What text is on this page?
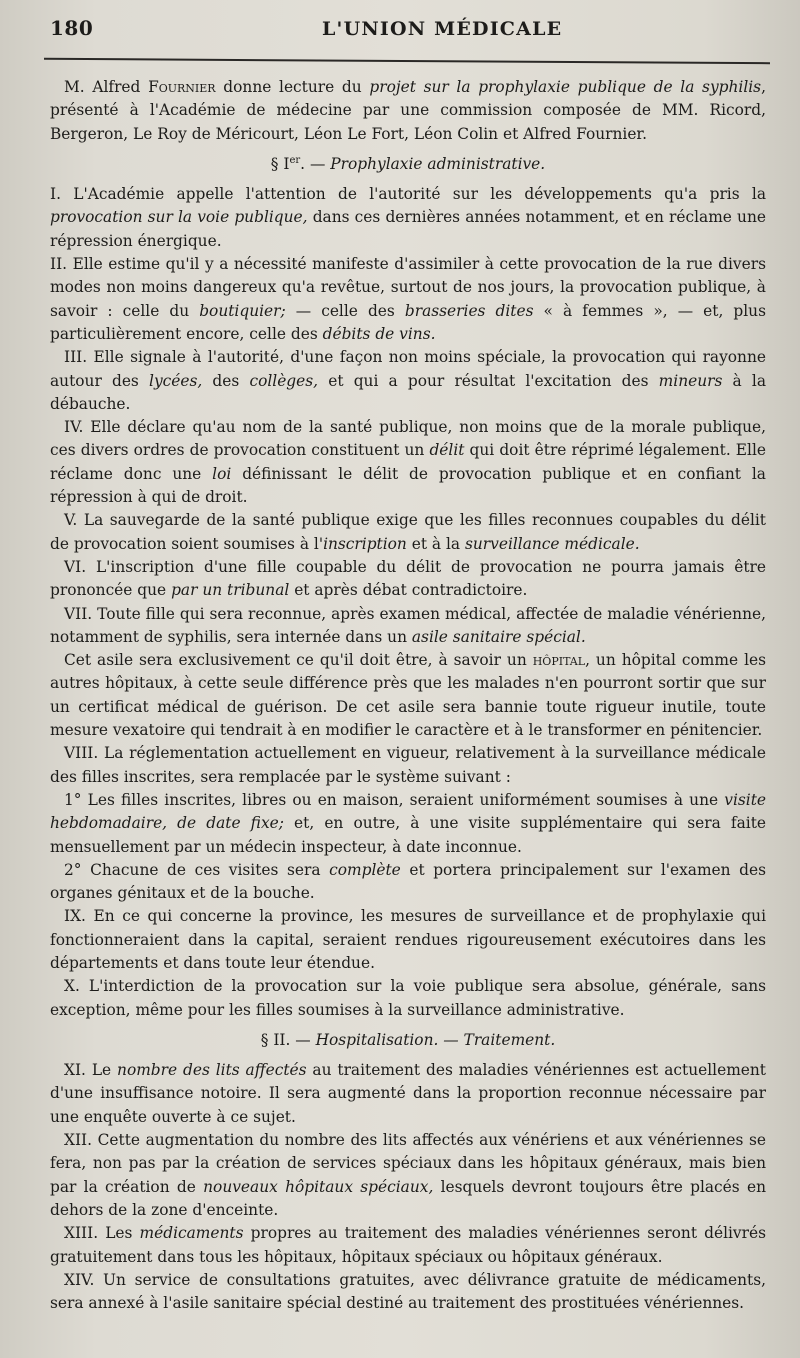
180	L'UNION MÉDICALE

M. Alfred Fournier donne lecture du projet sur la prophylaxie publique de la syphilis, présenté à l'Académie de médecine par une commission composée de MM. Ricord, Bergeron, Le Roy de Méricourt, Léon Le Fort, Léon Colin et Alfred Fournier.

§ Ier. — Prophylaxie administrative.

I. L'Académie appelle l'attention de l'autorité sur les développements qu'a pris la provocation sur la voie publique, dans ces dernières années notamment, et en réclame une répression énergique.

II. Elle estime qu'il y a nécessité manifeste d'assimiler à cette provocation de la rue divers modes non moins dangereux qu'a revêtue, surtout de nos jours, la provocation publique, à savoir : celle du boutiquier; — celle des brasseries dites « à femmes », — et, plus particulièrement encore, celle des débits de vins.

III. Elle signale à l'autorité, d'une façon non moins spéciale, la provocation qui rayonne autour des lycées, des collèges, et qui a pour résultat l'excitation des mineurs à la débauche.

IV. Elle déclare qu'au nom de la santé publique, non moins que de la morale publique, ces divers ordres de provocation constituent un délit qui doit être réprimé légalement. Elle réclame donc une loi définissant le délit de provocation publique et en confiant la répression à qui de droit.

V. La sauvegarde de la santé publique exige que les filles reconnues coupables du délit de provocation soient soumises à l'inscription et à la surveillance médicale.

VI. L'inscription d'une fille coupable du délit de provocation ne pourra jamais être prononcée que par un tribunal et après débat contradictoire.

VII. Toute fille qui sera reconnue, après examen médical, affectée de maladie vénérienne, notamment de syphilis, sera internée dans un asile sanitaire spécial.

Cet asile sera exclusivement ce qu'il doit être, à savoir un hôpital, un hôpital comme les autres hôpitaux, à cette seule différence près que les malades n'en pourront sortir que sur un certificat médical de guérison. De cet asile sera bannie toute rigueur inutile, toute mesure vexatoire qui tendrait à en modifier le caractère et à le transformer en pénitencier.

VIII. La réglementation actuellement en vigueur, relativement à la surveillance médicale des filles inscrites, sera remplacée par le système suivant :

1° Les filles inscrites, libres ou en maison, seraient uniformément soumises à une visite hebdomadaire, de date fixe; et, en outre, à une visite supplémentaire qui sera faite mensuellement par un médecin inspecteur, à date inconnue.

2° Chacune de ces visites sera complète et portera principalement sur l'examen des organes génitaux et de la bouche.

IX. En ce qui concerne la province, les mesures de surveillance et de prophylaxie qui fonctionneraient dans la capital, seraient rendues rigoureusement exécutoires dans les départements et dans toute leur étendue.

X. L'interdiction de la provocation sur la voie publique sera absolue, générale, sans exception, même pour les filles soumises à la surveillance administrative.

§ II. — Hospitalisation. — Traitement.

XI. Le nombre des lits affectés au traitement des maladies vénériennes est actuellement d'une insuffisance notoire. Il sera augmenté dans la proportion reconnue nécessaire par une enquête ouverte à ce sujet.

XII. Cette augmentation du nombre des lits affectés aux vénériens et aux vénériennes se fera, non pas par la création de services spéciaux dans les hôpitaux généraux, mais bien par la création de nouveaux hôpitaux spéciaux, lesquels devront toujours être placés en dehors de la zone d'enceinte.

XIII. Les médicaments propres au traitement des maladies vénériennes seront délivrés gratuitement dans tous les hôpitaux, hôpitaux spéciaux ou hôpitaux généraux.

XIV. Un service de consultations gratuites, avec délivrance gratuite de médicaments, sera annexé à l'asile sanitaire spécial destiné au traitement des prostituées vénériennes.
